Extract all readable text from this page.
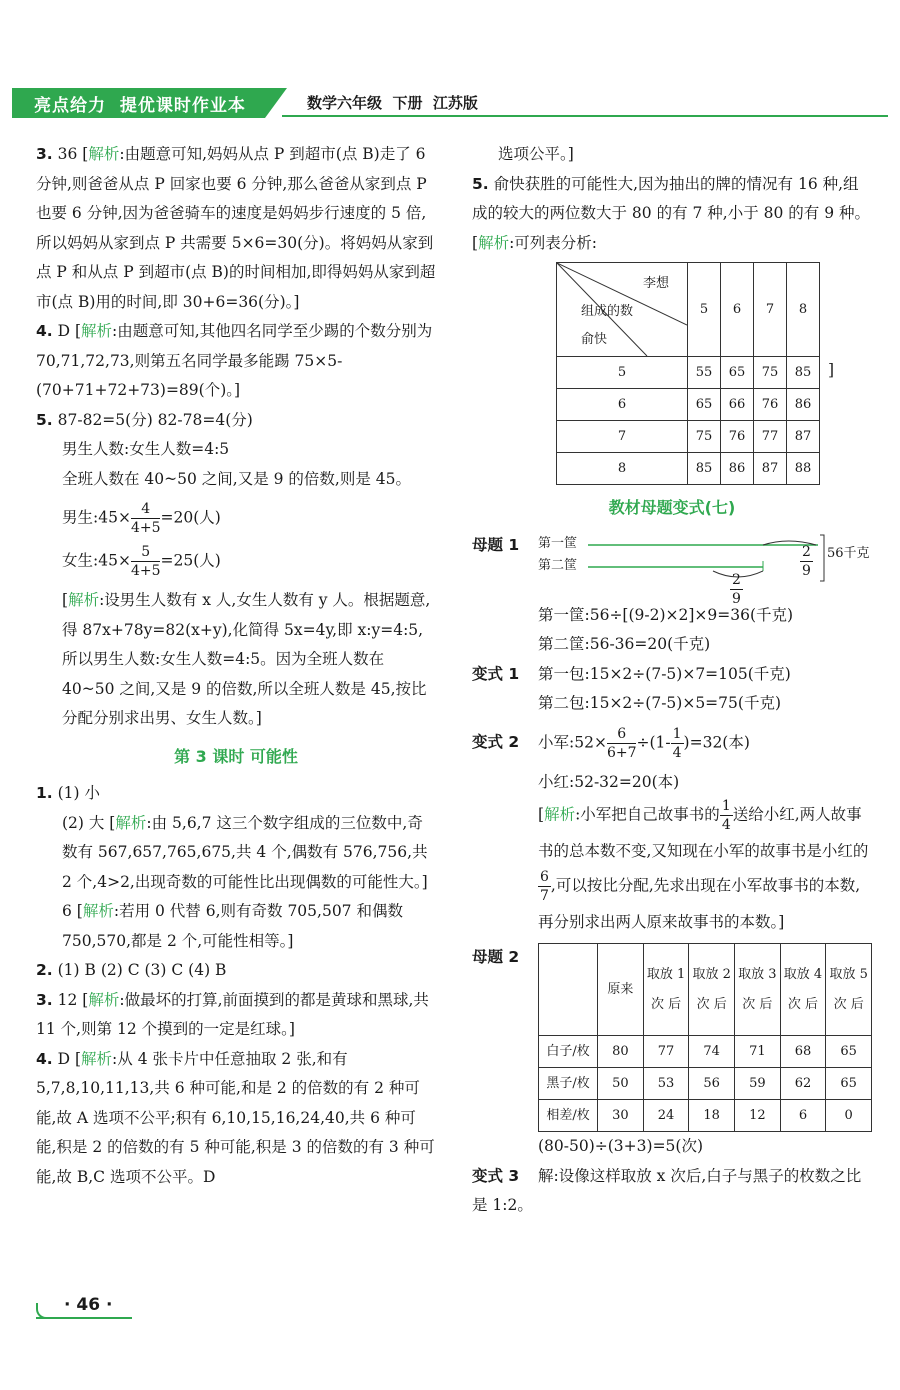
亮点给力  提优课时作业本	数学六年级  下册  江苏版

3. 36 [解析:由题意可知,妈妈从点 P 到超市(点 B)走了 6 分钟,则爸爸从点 P 回家也要 6 分钟,那么爸爸从家到点 P 也要 6 分钟,因为爸爸骑车的速度是妈妈步行速度的 5 倍,所以妈妈从家到点 P 共需要 5×6=30(分)。将妈妈从家到点 P 和从点 P 到超市(点 B)的时间相加,即得妈妈从家到超市(点 B)用的时间,即 30+6=36(分)。]

4. D [解析:由题意可知,其他四名同学至少踢的个数分别为 70,71,72,73,则第五名同学最多能踢 75×5-(70+71+72+73)=89(个)。]

5. 87-82=5(分) 82-78=4(分)

男生人数:女生人数=4:5

全班人数在 40~50 之间,又是 9 的倍数,则是 45。

男生:45× $\frac{4}{4+5} =20$(人)

女生:45× $\frac{5}{4+5} =25$(人)

[解析:设男生人数有 x 人,女生人数有 y 人。根据题意,得 87x+78y=82(x+y),化简得 5x=4y,即 x:y=4:5,所以男生人数:女生人数=4:5。因为全班人数在 40~50 之间,又是 9 的倍数,所以全班人数是 45,按比分配分别求出男、女生人数。]

第 3 课时 可能性

1. (1) 小

(2) 大 [解析:由 5,6,7 这三个数字组成的三位数中,奇数有 567,657,765,675,共 4 个,偶数有 576,756,共 2 个,4>2,出现奇数的可能性比出现偶数的可能性大。]

6 [解析:若用 0 代替 6,则有奇数 705,507 和偶数 750,570,都是 2 个,可能性相等。]

2. (1) B (2) C (3) C (4) B

3. 12 [解析:做最坏的打算,前面摸到的都是黄球和黑球,共 11 个,则第 12 个摸到的一定是红球。]

4. D [解析:从 4 张卡片中任意抽取 2 张,和有 5,7,8,10,11,13,共 6 种可能,和是 2 的倍数的有 2 种可能,故 A 选项不公平;积有 6,10,15,16,24,40,共 6 种可能,积是 2 的倍数的有 5 种可能,积是 3 的倍数的有 3 种可能,故 B,C 选项不公平。D

选项公平。]

5. 俞快获胜的可能性大,因为抽出的牌的情况有 16 种,组成的较大的两位数大于 80 的有 7 种,小于 80 的有 9 种。 [解析:可列表分析:

李想
组成的数
俞快	5	6	7	8

5	55	65	75	85
6	65	66	76	86
7	75	76	77	87
8	85	86	87	88
]
教材母题变式(七)
母题 1	第一筐
第二筐	$\frac{2}{9}$
$\frac{2}{9}$
56千克

第一筐:56÷[(9-2)×2]×9=36(千克)

第二筐:56-36=20(千克)

变式 1 第一包:15×2÷(7-5)×7=105(千克)

第二包:15×2÷(7-5)×5=75(千克)

变式 2 小军:52× $\frac{6}{6+7} \div(1- \frac{1}{4} )=32$(本)

小红:52-32=20(本)

[解析:小军把自己故事书的 $\frac{1}{4}$ 送给小红,两人故事书的总本数不变,又知现在小军的故事书是小红的
$\frac{6}{7}$ ,可以按比分配,先求出现在小军故事书的本数,再分别求出两人原来故事书的本数。]

母题 2
	原来	取放 1次 后	取放 2次 后	取放 3次 后	取放 4次 后	取放 5次 后
白子/枚	80	77	74	71	68	65
黑子/枚	50	53	56	59	62	65
相差/枚	30	24	18	12	6	0

(80-50)÷(3+3)=5(次)

变式 3 解:设像这样取放 x 次后,白子与黑子的枚数之比是 1:2。

· 46 ·
